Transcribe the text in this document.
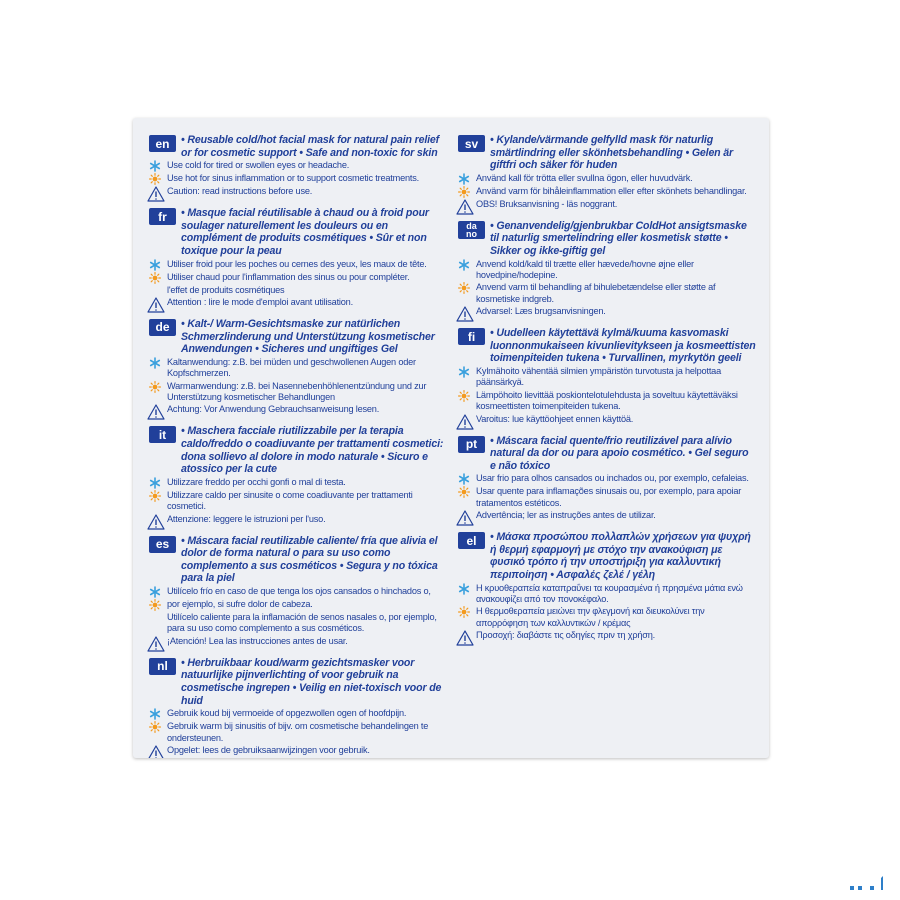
en	• Reusable cold/hot facial mask for natural pain relief or for cosmetic support • Safe and non-toxic for skin
Use cold for tired or swollen eyes or headache.
Use hot for sinus inflammation or to support cosmetic treatments.
Caution: read instructions before use.
fr	• Masque facial réutilisable à chaud ou à froid pour soulager naturellement les douleurs ou en complément de produits cosmétiques • Sûr et non toxique pour la peau
Utiliser froid pour les poches ou cernes des yeux, les maux de tête.
Utiliser chaud pour l'inflammation des sinus ou pour compléter.
l'effet de produits cosmétiques
Attention : lire le mode d'emploi avant utilisation.
de	• Kalt-/ Warm-Gesichtsmaske zur natürlichen Schmerzlinderung und Unterstützung kosmetischer Anwendungen • Sicheres und ungiftiges Gel
Kaltanwendung: z.B. bei müden und geschwollenen Augen oder Kopfschmerzen.
Warmanwendung: z.B. bei Nasennebenhöhlenentzündung und zur Unterstützung kosmetischer Behandlungen
Achtung: Vor Anwendung Gebrauchsanweisung lesen.
it	• Maschera facciale riutilizzabile per la terapia caldo/freddo o coadiuvante per trattamenti cosmetici: dona sollievo al dolore in modo naturale • Sicuro e atossico per la cute
Utilizzare freddo per occhi gonfi o mal di testa.
Utilizzare caldo per sinusite o come coadiuvante per trattamenti cosmetici.
Attenzione: leggere le istruzioni per l'uso.
es	• Máscara facial reutilizable caliente/ fría que alivia el dolor de forma natural o para su uso como complemento a sus cosméticos • Segura y no tóxica para la piel
Utilícelo frío en caso de que tenga los ojos cansados o hinchados o,
por ejemplo, si sufre dolor de cabeza.
Utilícelo caliente para la inflamación de senos nasales o, por ejemplo, para su uso como complemento a sus cosméticos.
¡Atención! Lea las instrucciones antes de usar.
nl	• Herbruikbaar koud/warm gezichtsmasker voor natuurlijke pijnverlichting of voor gebruik na cosmetische ingrepen • Veilig en niet-toxisch voor de huid
Gebruik koud bij vermoeide of opgezwollen ogen of hoofdpijn.
Gebruik warm bij sinusitis of bijv. om cosmetische behandelingen te ondersteunen.
Opgelet: lees de gebruiksaanwijzingen voor gebruik.
sv	• Kylande/värmande gelfylld mask för naturlig smärtlindring eller skönhetsbehandling • Gelen är giftfri och säker för huden
Använd kall för trötta eller svullna ögon, eller huvudvärk.
Använd varm för bihåleinflammation eller efter skönhets behandlingar.
OBS! Bruksanvisning - läs noggrant.
da
no
• Genanvendelig/gjenbrukbar ColdHot ansigtsmaske til naturlig smertelindring eller kosmetisk støtte • Sikker og ikke-giftig gel
Anvend kold/kald til trætte eller hævede/hovne øjne eller hovedpine/hodepine.
Anvend varm til behandling af bihulebetændelse eller støtte af kosmetiske indgreb.
Advarsel: Læs brugsanvisningen.
fi	• Uudelleen käytettävä kylmä/kuuma kasvomaski luonnonmukaiseen kivunlievitykseen ja kosmeettisten toimenpiteiden tukena • Turvallinen, myrkytön geeli
Kylmähoito vähentää silmien ympäristön turvotusta ja helpottaa päänsärkyä.
Lämpöhoito lievittää poskiontelotulehdusta ja soveltuu käytettäväksi kosmeettisten toimenpiteiden tukena.
Varoitus: lue käyttöohjeet ennen käyttöä.
pt	• Máscara facial quente/frio reutilizável para alívio natural da dor ou para apoio cosmético. • Gel seguro e não tóxico
Usar frio para olhos cansados ou inchados ou, por exemplo, cefaleias.
Usar quente para inflamações sinusais ou, por exemplo, para apoiar tratamentos estéticos.
Advertência; ler as instruções antes de utilizar.
el	• Μάσκα προσώπου πολλαπλών χρήσεων για ψυχρή ή θερμή εφαρμογή με στόχο την ανακούφιση με φυσικό τρόπο ή την υποστήριξη για καλλυντική περιποίηση • Ασφαλές ζελέ / γέλη
Η κρυοθεραπεία καταπραΰνει τα κουρασμένα ή πρησμένα μάτια ενώ ανακουφίζει από τον πονοκέφαλο.
Η θερμοθεραπεία μειώνει την φλεγμονή και διευκολύνει την απορρόφηση των καλλυντικών / κρέμας
Προσοχή: διαβάστε τις οδηγίες πριν τη χρήση.
